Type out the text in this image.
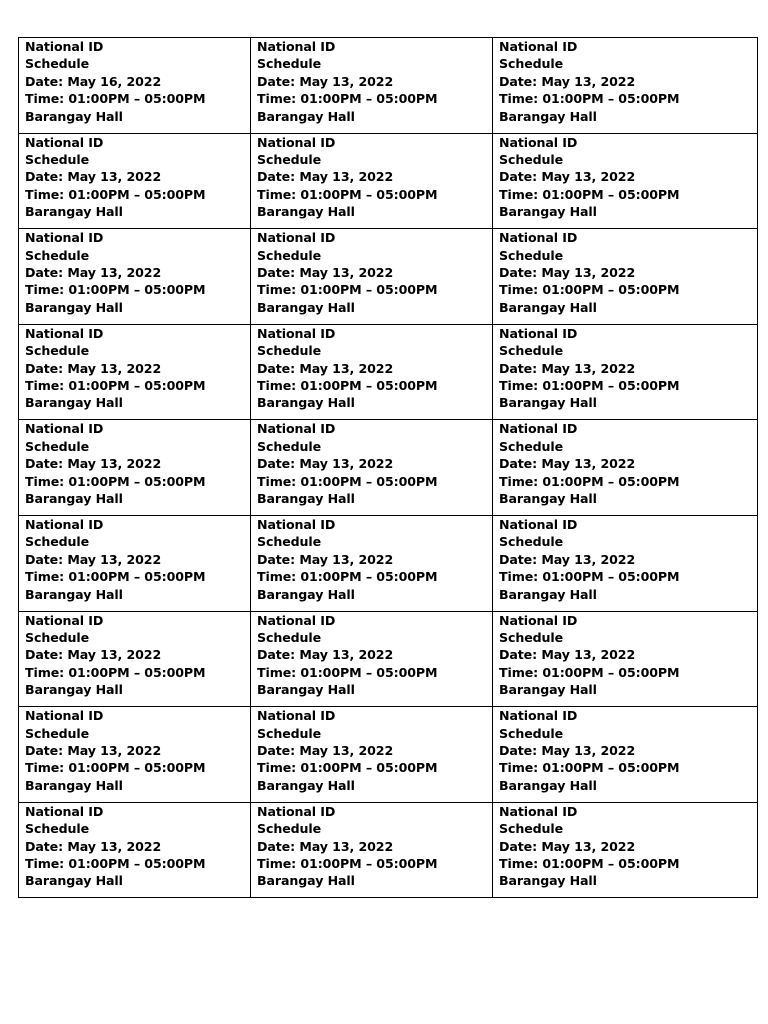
National ID
Schedule
Date: May 16, 2022
Time: 01:00PM – 05:00PM
Barangay Hall	National ID
Schedule
Date: May 13, 2022
Time: 01:00PM – 05:00PM
Barangay Hall	National ID
Schedule
Date: May 13, 2022
Time: 01:00PM – 05:00PM
Barangay Hall

National ID
Schedule
Date: May 13, 2022
Time: 01:00PM – 05:00PM
Barangay Hall	National ID
Schedule
Date: May 13, 2022
Time: 01:00PM – 05:00PM
Barangay Hall	National ID
Schedule
Date: May 13, 2022
Time: 01:00PM – 05:00PM
Barangay Hall

National ID
Schedule
Date: May 13, 2022
Time: 01:00PM – 05:00PM
Barangay Hall	National ID
Schedule
Date: May 13, 2022
Time: 01:00PM – 05:00PM
Barangay Hall	National ID
Schedule
Date: May 13, 2022
Time: 01:00PM – 05:00PM
Barangay Hall

National ID
Schedule
Date: May 13, 2022
Time: 01:00PM – 05:00PM
Barangay Hall	National ID
Schedule
Date: May 13, 2022
Time: 01:00PM – 05:00PM
Barangay Hall	National ID
Schedule
Date: May 13, 2022
Time: 01:00PM – 05:00PM
Barangay Hall

National ID
Schedule
Date: May 13, 2022
Time: 01:00PM – 05:00PM
Barangay Hall	National ID
Schedule
Date: May 13, 2022
Time: 01:00PM – 05:00PM
Barangay Hall	National ID
Schedule
Date: May 13, 2022
Time: 01:00PM – 05:00PM
Barangay Hall

National ID
Schedule
Date: May 13, 2022
Time: 01:00PM – 05:00PM
Barangay Hall	National ID
Schedule
Date: May 13, 2022
Time: 01:00PM – 05:00PM
Barangay Hall	National ID
Schedule
Date: May 13, 2022
Time: 01:00PM – 05:00PM
Barangay Hall

National ID
Schedule
Date: May 13, 2022
Time: 01:00PM – 05:00PM
Barangay Hall	National ID
Schedule
Date: May 13, 2022
Time: 01:00PM – 05:00PM
Barangay Hall	National ID
Schedule
Date: May 13, 2022
Time: 01:00PM – 05:00PM
Barangay Hall

National ID
Schedule
Date: May 13, 2022
Time: 01:00PM – 05:00PM
Barangay Hall	National ID
Schedule
Date: May 13, 2022
Time: 01:00PM – 05:00PM
Barangay Hall	National ID
Schedule
Date: May 13, 2022
Time: 01:00PM – 05:00PM
Barangay Hall

National ID
Schedule
Date: May 13, 2022
Time: 01:00PM – 05:00PM
Barangay Hall	National ID
Schedule
Date: May 13, 2022
Time: 01:00PM – 05:00PM
Barangay Hall	National ID
Schedule
Date: May 13, 2022
Time: 01:00PM – 05:00PM
Barangay Hall
